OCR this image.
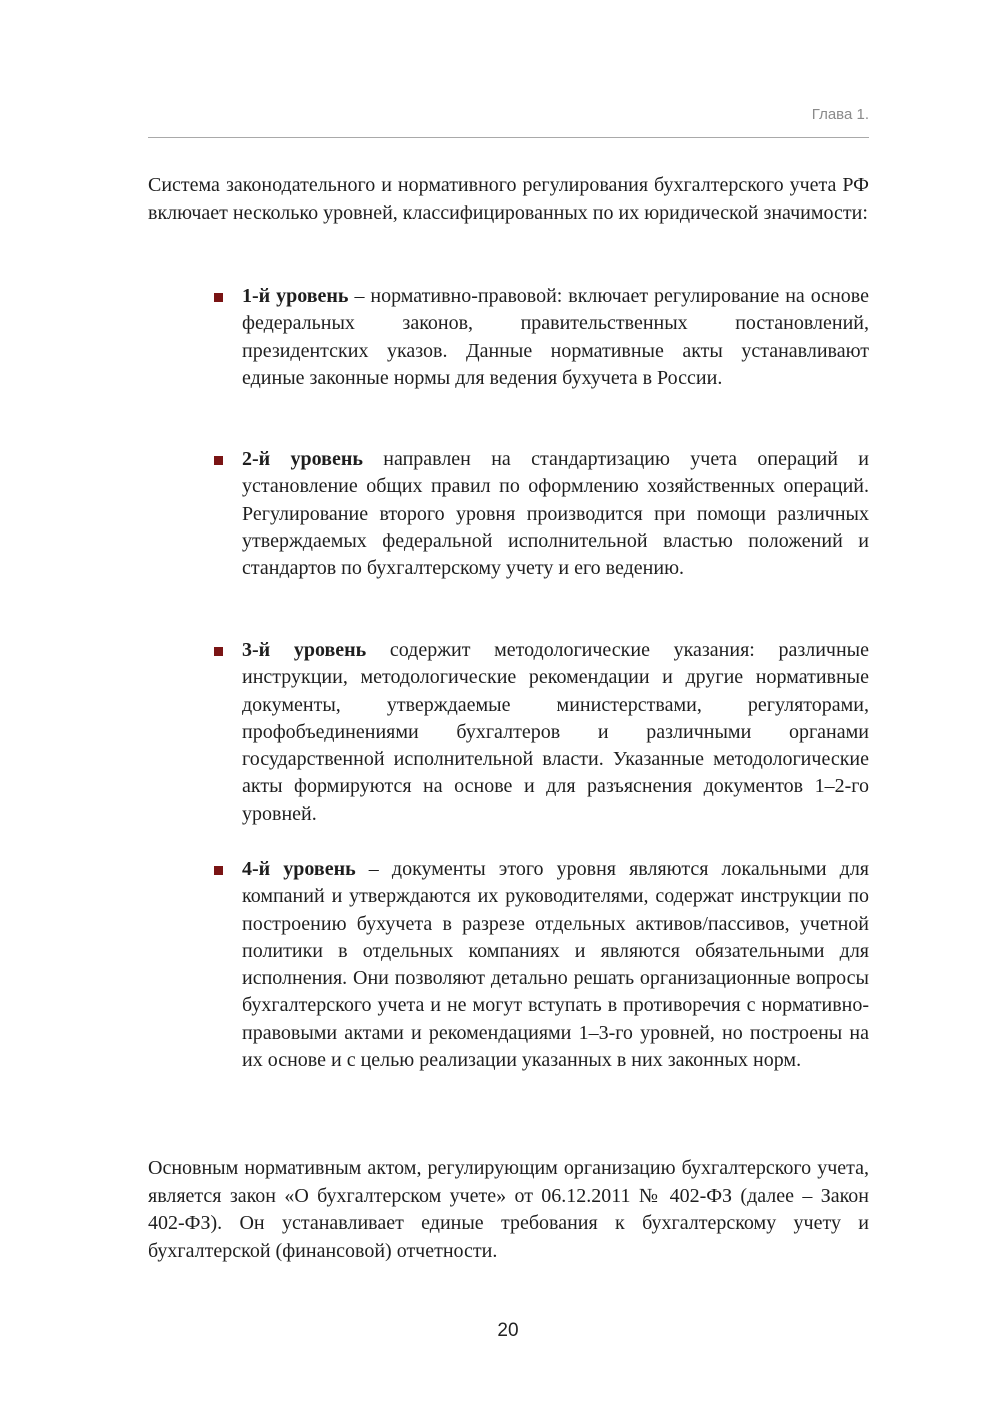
Глава 1.

Система законодательного и нормативного регулирования бухгалтерского учета РФ включает несколько уровней, классифицированных по их юридической значимости:

1-й уровень – нормативно-правовой: включает регулирование на основе федеральных законов, правительственных постановлений, президентских указов. Данные нормативные акты устанавливают единые законные нормы для ведения бухучета в России.
2-й уровень направлен на стандартизацию учета операций и установление общих правил по оформлению хозяйственных операций. Регулирование второго уровня производится при помощи различных утверждаемых федеральной исполнительной властью положений и стандартов по бухгалтерскому учету и его ведению.
3-й уровень содержит методологические указания: различные инструкции, методологические рекомендации и другие нормативные документы, утверждаемые министерствами, регуляторами, профобъединениями бухгалтеров и различными органами государственной исполнительной власти. Указанные методологические акты формируются на основе и для разъяснения документов 1–2-го уровней.
4-й уровень – документы этого уровня являются локальными для компаний и утверждаются их руководителями, содержат инструкции по построению бухучета в разрезе отдельных активов/пассивов, учетной политики в отдельных компаниях и являются обязательными для исполнения. Они позволяют детально решать организационные вопросы бухгалтерского учета и не могут вступать в противоречия с нормативно-правовыми актами и рекомендациями 1–3-го уровней, но построены на их основе и с целью реализации указанных в них законных норм.

Основным нормативным актом, регулирующим организацию бухгалтерского учета, является закон «О бухгалтерском учете» от 06.12.2011 № 402-ФЗ (далее – Закон 402-ФЗ). Он устанавливает единые требования к бухгалтерскому учету и бухгалтерской (финансовой) отчетности.

20
